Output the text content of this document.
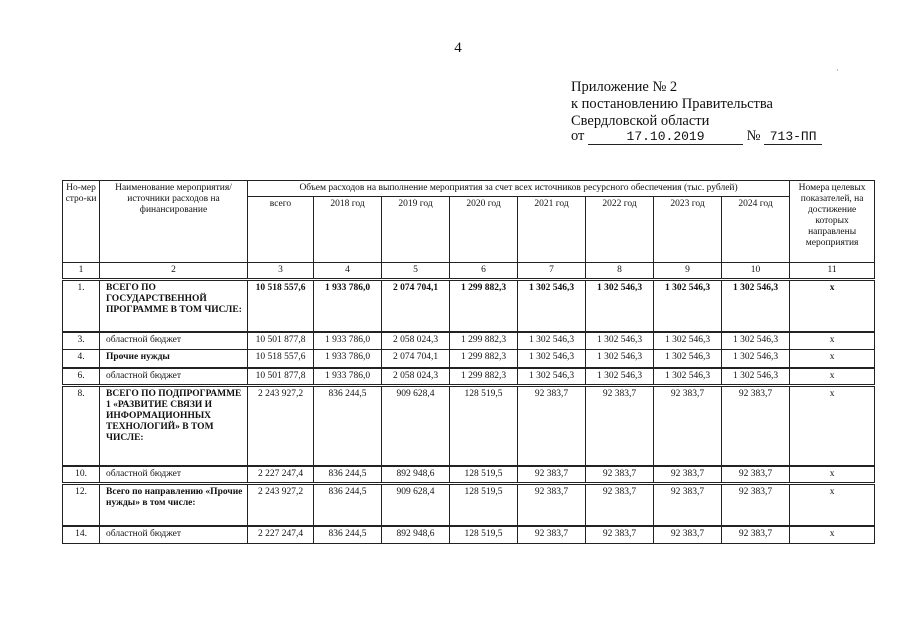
4
·
Приложение № 2
к постановлению Правительства
Свердловской области
от	17.10.2019	№ 713-ПП
Но-мер стро-ки	Наименование мероприятия/ источники расходов на финансирование	Объем расходов на выполнение мероприятия за счет всех источников ресурсного обеспечения (тыс. рублей)								Номера целевых показателей, на достижение которых направлены мероприятия
		всего	2018 год	2019 год	2020 год	2021 год	2022 год	2023 год	2024 год	
1	2	3	4	5	6	7	8	9	10	11
1.	ВСЕГО ПО ГОСУДАРСТВЕННОЙ ПРОГРАММЕ В ТОМ ЧИСЛЕ:	10 518 557,6	1 933 786,0	2 074 704,1	1 299 882,3	1 302 546,3	1 302 546,3	1 302 546,3	1 302 546,3	x
3.	областной бюджет	10 501 877,8	1 933 786,0	2 058 024,3	1 299 882,3	1 302 546,3	1 302 546,3	1 302 546,3	1 302 546,3	x
4.	Прочие нужды	10 518 557,6	1 933 786,0	2 074 704,1	1 299 882,3	1 302 546,3	1 302 546,3	1 302 546,3	1 302 546,3	x
6.	областной бюджет	10 501 877,8	1 933 786,0	2 058 024,3	1 299 882,3	1 302 546,3	1 302 546,3	1 302 546,3	1 302 546,3	x
8.	ВСЕГО ПО ПОДПРОГРАММЕ 1 «РАЗВИТИЕ СВЯЗИ И ИНФОРМАЦИОННЫХ ТЕХНОЛОГИЙ» В ТОМ ЧИСЛЕ:	2 243 927,2	836 244,5	909 628,4	128 519,5	92 383,7	92 383,7	92 383,7	92 383,7	x
10.	областной бюджет	2 227 247,4	836 244,5	892 948,6	128 519,5	92 383,7	92 383,7	92 383,7	92 383,7	x
12.	Всего по направлению «Прочие нужды» в том числе:	2 243 927,2	836 244,5	909 628,4	128 519,5	92 383,7	92 383,7	92 383,7	92 383,7	x
14.	областной бюджет	2 227 247,4	836 244,5	892 948,6	128 519,5	92 383,7	92 383,7	92 383,7	92 383,7	x
